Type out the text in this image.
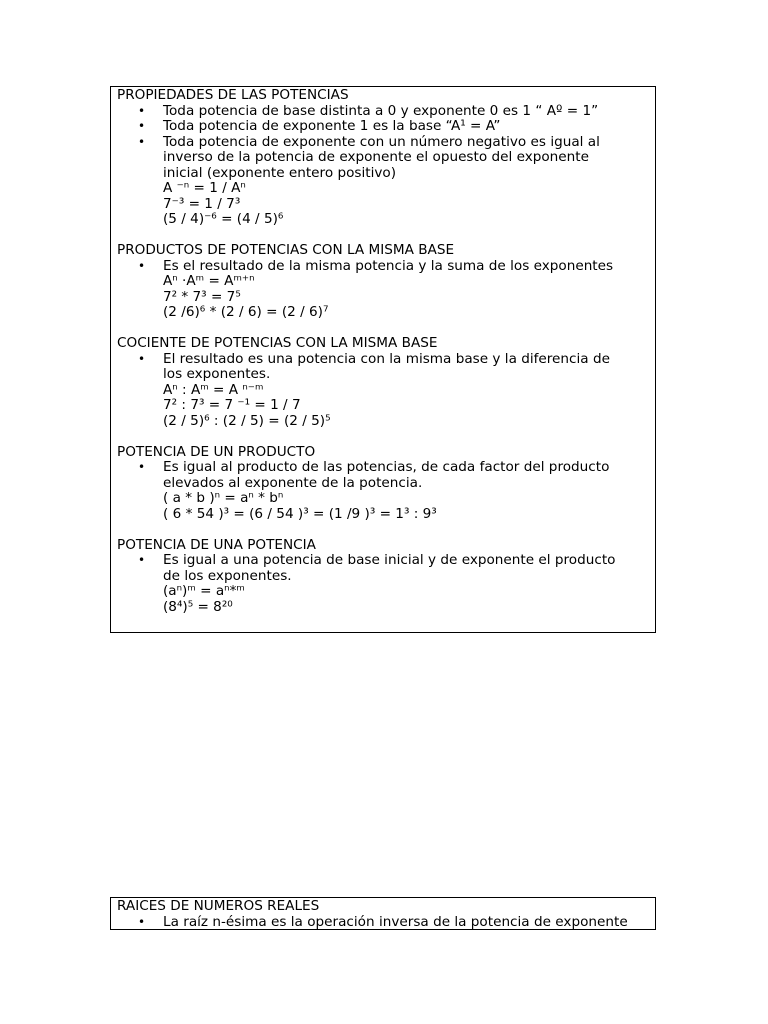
PROPIEDADES DE LAS POTENCIAS
• Toda potencia de base distinta a 0 y exponente 0 es 1 “ Aº = 1”
• Toda potencia de exponente 1 es la base “A¹ = A”
• Toda potencia de exponente con un número negativo es igual al
inverso de la potencia de exponente el opuesto del exponente
inicial (exponente entero positivo)
A ⁻ⁿ = 1 / Aⁿ
7⁻³ = 1 / 7³
(5 / 4)⁻⁶ = (4 / 5)⁶
PRODUCTOS DE POTENCIAS CON LA MISMA BASE
• Es el resultado de la misma potencia y la suma de los exponentes
Aⁿ ·Aᵐ = Aᵐ⁺ⁿ
7² * 7³ = 7⁵
(2 /6)⁶ * (2 / 6) = (2 / 6)⁷
COCIENTE DE POTENCIAS CON LA MISMA BASE
• El resultado es una potencia con la misma base y la diferencia de
los exponentes.
Aⁿ : Aᵐ = A ⁿ⁻ᵐ
7² : 7³ = 7 ⁻¹ = 1 / 7
(2 / 5)⁶ : (2 / 5) = (2 / 5)⁵
POTENCIA DE UN PRODUCTO
• Es igual al producto de las potencias, de cada factor del producto
elevados al exponente de la potencia.
( a * b )ⁿ = aⁿ * bⁿ
( 6 * 54 )³ = (6 / 54 )³ = (1 /9 )³ = 1³ : 9³
POTENCIA DE UNA POTENCIA
• Es igual a una potencia de base inicial y de exponente el producto
de los exponentes.
(aⁿ)ᵐ = aⁿ*ᵐ
(8⁴)⁵ = 8²⁰
RAICES DE NÚMEROS REALES
• La raíz n-ésima es la operación inversa de la potencia de exponente
